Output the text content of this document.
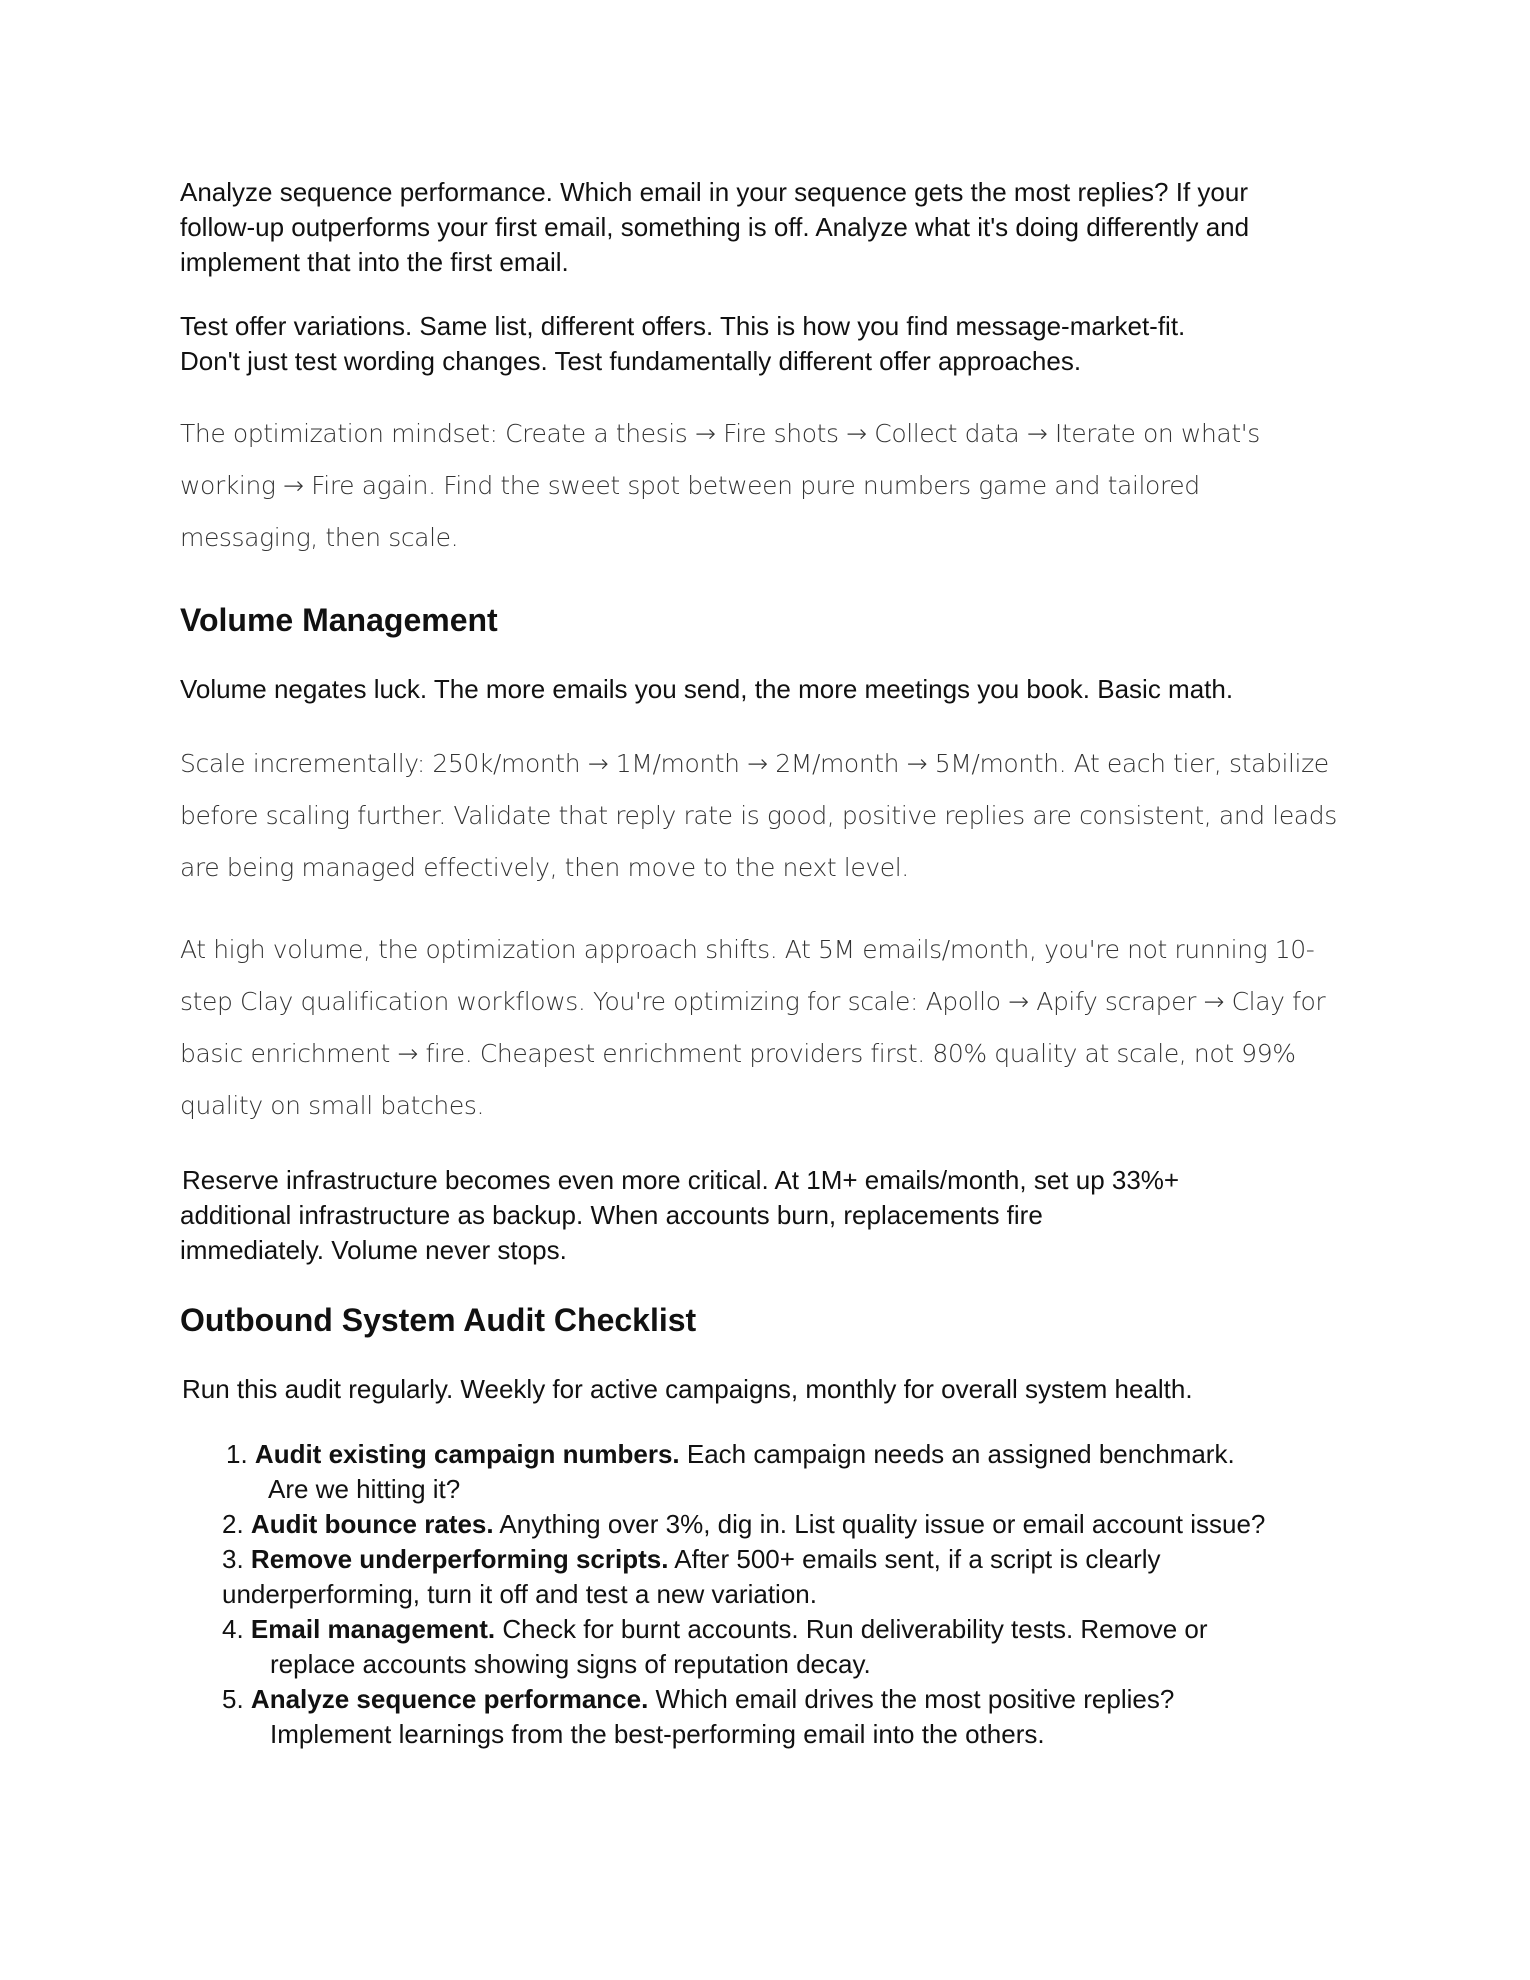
Analyze sequence performance. Which email in your sequence gets the most replies? If your
follow-up outperforms your first email, something is off. Analyze what it's doing differently and
implement that into the first email.
Test offer variations. Same list, different offers. This is how you find message-market-fit.
Don't just test wording changes. Test fundamentally different offer approaches.
The optimization mindset: Create a thesis → Fire shots → Collect data → Iterate on what's
working → Fire again. Find the sweet spot between pure numbers game and tailored
messaging, then scale.
Volume Management
Volume negates luck. The more emails you send, the more meetings you book. Basic math.
Scale incrementally: 250k/month → 1M/month → 2M/month → 5M/month. At each tier, stabilize
before scaling further. Validate that reply rate is good, positive replies are consistent, and leads
are being managed effectively, then move to the next level.
At high volume, the optimization approach shifts. At 5M emails/month, you're not running 10-
step Clay qualification workflows. You're optimizing for scale: Apollo → Apify scraper → Clay for
basic enrichment → fire. Cheapest enrichment providers first. 80% quality at scale, not 99%
quality on small batches.
Reserve infrastructure becomes even more critical. At 1M+ emails/month, set up 33%+
additional infrastructure as backup. When accounts burn, replacements fire
immediately. Volume never stops.
Outbound System Audit Checklist
Run this audit regularly. Weekly for active campaigns, monthly for overall system health.
1. Audit existing campaign numbers. Each campaign needs an assigned benchmark.
Are we hitting it?
2. Audit bounce rates. Anything over 3%, dig in. List quality issue or email account issue?
3. Remove underperforming scripts. After 500+ emails sent, if a script is clearly
underperforming, turn it off and test a new variation.
4. Email management. Check for burnt accounts. Run deliverability tests. Remove or
replace accounts showing signs of reputation decay.
5. Analyze sequence performance. Which email drives the most positive replies?
Implement learnings from the best-performing email into the others.
